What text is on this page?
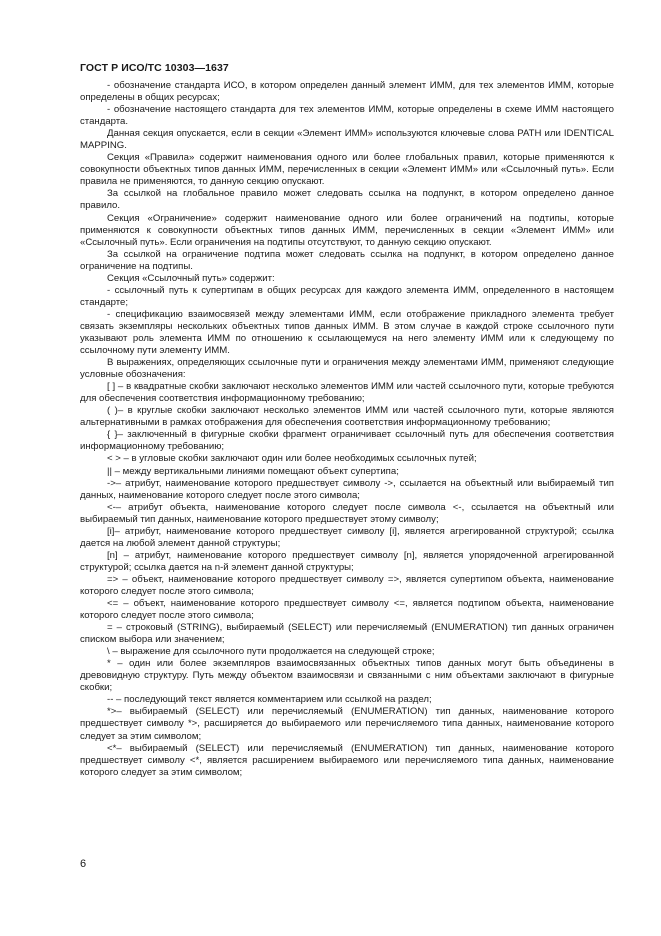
ГОСТ Р ИСО/ТС 10303—1637

- обозначение стандарта ИСО, в котором определен данный элемент ИММ, для тех элементов ИММ, которые определены в общих ресурсах;

- обозначение настоящего стандарта для тех элементов ИММ, которые определены в схеме ИММ настоящего стандарта.

Данная секция опускается, если в секции «Элемент ИММ» используются ключевые слова PATH или IDENTICAL MAPPING.

Секция «Правила» содержит наименования одного или более глобальных правил, которые применяются к совокупности объектных типов данных ИММ, перечисленных в секции «Элемент ИММ» или «Ссылочный путь». Если правила не применяются, то данную секцию опускают.

За ссылкой на глобальное правило может следовать ссылка на подпункт, в котором определено данное правило.

Секция «Ограничение» содержит наименование одного или более ограничений на подтипы, которые применяются к совокупности объектных типов данных ИММ, перечисленных в секции «Элемент ИММ» или «Ссылочный путь». Если ограничения на подтипы отсутствуют, то данную секцию опускают.

За ссылкой на ограничение подтипа может следовать ссылка на подпункт, в котором определено данное ограничение на подтипы.

Секция «Ссылочный путь» содержит:

- ссылочный путь к супертипам в общих ресурсах для каждого элемента ИММ, определенного в настоящем стандарте;

- спецификацию взаимосвязей между элементами ИММ, если отображение прикладного элемента требует связать экземпляры нескольких объектных типов данных ИММ. В этом случае в каждой строке ссылочного пути указывают роль элемента ИММ по отношению к ссылающемуся на него элементу ИММ или к следующему по ссылочному пути элементу ИММ.

В выражениях, определяющих ссылочные пути и ограничения между элементами ИММ, применяют следующие условные обозначения:

[ ] – в квадратные скобки заключают несколько элементов ИММ или частей ссылочного пути, которые требуются для обеспечения соответствия информационному требованию;

( )– в круглые скобки заключают несколько элементов ИММ или частей ссылочного пути, которые являются альтернативными в рамках отображения для обеспечения соответствия информационному требованию;

{ }– заключенный в фигурные скобки фрагмент ограничивает ссылочный путь для обеспечения соответствия информационному требованию;

< > – в угловые скобки заключают один или более необходимых ссылочных путей;

|| – между вертикальными линиями помещают объект супертипа;

->– атрибут, наименование которого предшествует символу ->, ссылается на объектный или выбираемый тип данных, наименование которого следует после этого символа;

<-– атрибут объекта, наименование которого следует после символа <-, ссылается на объектный или выбираемый тип данных, наименование которого предшествует этому символу;

[i]– атрибут, наименование которого предшествует символу [i], является агрегированной структурой; ссылка дается на любой элемент данной структуры;

[n] – атрибут, наименование которого предшествует символу [n], является упорядоченной агрегированной структурой; ссылка дается на n-й элемент данной структуры;

=> – объект, наименование которого предшествует символу =>, является супертипом объекта, наименование которого следует после этого символа;

<= – объект, наименование которого предшествует символу <=, является подтипом объекта, наименование которого следует после этого символа;

= – строковый (STRING), выбираемый (SELECT) или перечисляемый (ENUMERATION) тип данных ограничен списком выбора или значением;

\ – выражение для ссылочного пути продолжается на следующей строке;

* – один или более экземпляров взаимосвязанных объектных типов данных могут быть объединены в древовидную структуру. Путь между объектом взаимосвязи и связанными с ним объектами заключают в фигурные скобки;

-- – последующий текст является комментарием или ссылкой на раздел;

*>– выбираемый (SELECT) или перечисляемый (ENUMERATION) тип данных, наименование которого предшествует символу *>, расширяется до выбираемого или перечисляемого типа данных, наименование которого следует за этим символом;

<*– выбираемый (SELECT) или перечисляемый (ENUMERATION) тип данных, наименование которого предшествует символу <*, является расширением выбираемого или перечисляемого типа данных, наименование которого следует за этим символом;

6
